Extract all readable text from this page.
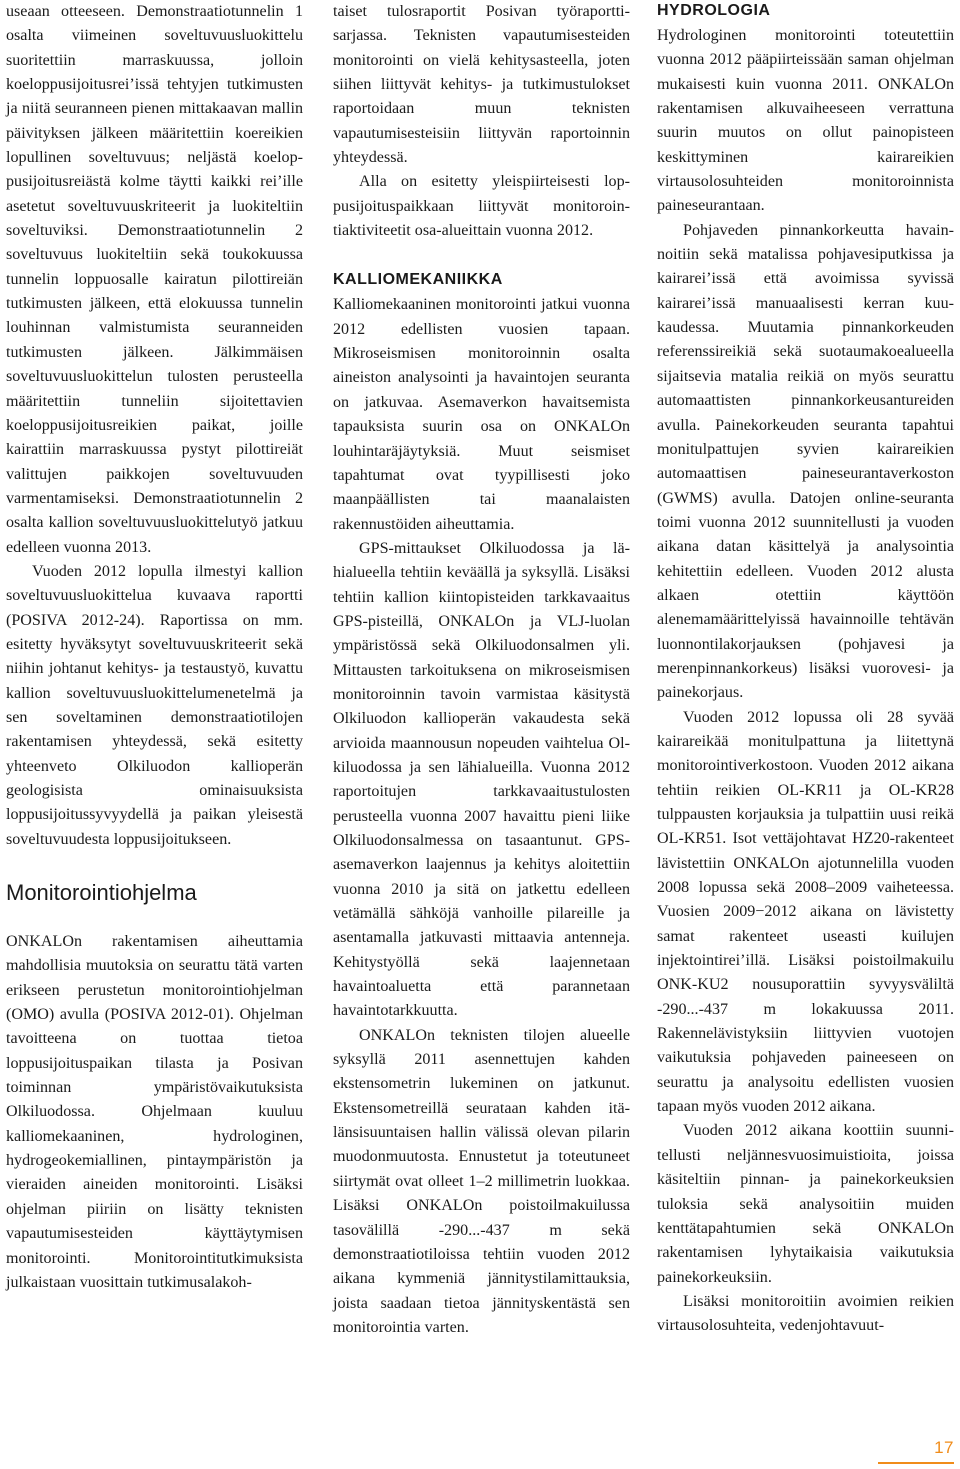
useaan otteeseen. Demonstraatiotunnelin 1 osalta viimeinen soveltuvuusluokittelu suoritettiin marraskuussa, jolloin koeloppusijoitusrei’issä tehtyjen tutkimusten ja niitä seuranneen pienen mittakaavan mallin päivityksen jälkeen määritettiin koereikien lopullinen soveltuvuus; neljästä koeloppusijoitusreiästä kolme täytti kaikki rei’ille asetetut soveltuvuuskriteerit ja luokiteltiin soveltuviksi. Demonstraatiotunnelin 2 soveltuvuus luokiteltiin sekä toukokuussa tunnelin loppuosalle kairatun pilottireiän tutkimusten jälkeen, että elokuussa tunnelin louhinnan valmistumista seuranneiden tutkimusten jälkeen. Jälkimmäisen soveltuvuusluokittelun tulosten perusteella määritettiin tunneliin sijoitettavien koeloppusijoitusreikien paikat, joille kairattiin marraskuussa pystyt pilottireiät valittujen paikkojen soveltuvuuden varmentamiseksi. Demonstraatiotunnelin 2 osalta kallion soveltuvuusluokittelutyö jatkuu edelleen vuonna 2013.

Vuoden 2012 lopulla ilmestyi kallion soveltuvuusluokittelua kuvaava raportti (POSIVA 2012-24). Raportissa on mm. esitetty hyväksytyt soveltuvuuskriteerit sekä niihin johtanut kehitys- ja testaustyö, kuvattu kallion soveltuvuusluokittelumenetelmä ja sen soveltaminen demonstraatiotilojen rakentamisen yhteydessä, sekä esitetty yhteenveto Olkiluodon kallioperän geologisista ominaisuuksista loppusijoitussyvyydellä ja paikan yleisestä soveltuvuudesta loppusijoitukseen.

Monitorointiohjelma

ONKALOn rakentamisen aiheuttamia mahdollisia muutoksia on seurattu tätä varten erikseen perustetun monitorointiohjelman (OMO) avulla (POSIVA 2012-01). Ohjelman tavoitteena on tuottaa tietoa loppusijoituspaikan tilasta ja Posivan toiminnan ympäristövaikutuksista Olkiluodossa. Ohjelmaan kuuluu kalliomekaaninen, hydrologinen, hydrogeokemiallinen, pintaympäristön ja vieraiden aineiden monitorointi. Lisäksi ohjelman piiriin on lisätty teknisten vapautumisesteiden käyttäytymisen monitorointi. Monitorointitutkimuksista julkaistaan vuosittain tutkimusalakoh-

taiset tulosraportit Posivan työraporttisarjassa. Teknisten vapautumisesteiden monitorointi on vielä kehitysasteella, joten siihen liittyvät kehitys- ja tutkimustulokset raportoidaan muun teknisten vapautumisesteisiin liittyvän raportoinnin yhteydessä.

Alla on esitetty yleispiirteisesti loppusijoituspaikkaan liittyvät monitorointiaktiviteetit osa-alueittain vuonna 2012.

KALLIOMEKANIIKKA

Kalliomekaaninen monitorointi jatkui vuonna 2012 edellisten vuosien tapaan. Mikroseismisen monitoroinnin osalta aineiston analysointi ja havaintojen seuranta on jatkuvaa. Asemaverkon havaitsemista tapauksista suurin osa on ONKALOn louhintaräjäytyksiä. Muut seismiset tapahtumat ovat tyypillisesti joko maanpäällisten tai maanalaisten rakennustöiden aiheuttamia.

GPS-mittaukset Olkiluodossa ja lähialueella tehtiin keväällä ja syksyllä. Lisäksi tehtiin kallion kiintopisteiden tarkkavaaitus GPS-pisteillä, ONKALOn ja VLJ-luolan ympäristössä sekä Olkiluodonsalmen yli. Mittausten tarkoituksena on mikroseismisen monitoroinnin tavoin varmistaa käsitystä Olkiluodon kallioperän vakaudesta sekä arvioida maannousun nopeuden vaihtelua Olkiluodossa ja sen lähialueilla. Vuonna 2012 raportoitujen tarkkavaaitustulosten perusteella vuonna 2007 havaittu pieni liike Olkiluodonsalmessa on tasaantunut. GPS-asemaverkon laajennus ja kehitys aloitettiin vuonna 2010 ja sitä on jatkettu edelleen vetämällä sähköjä vanhoille pilareille ja asentamalla jatkuvasti mittaavia antenneja. Kehitystyöllä sekä laajennetaan havaintoaluetta että parannetaan havaintotarkkuutta.

ONKALOn teknisten tilojen alueelle syksyllä 2011 asennettujen kahden ekstensometrin lukeminen on jatkunut. Ekstensometreillä seurataan kahden itä-länsisuuntaisen hallin välissä olevan pilarin muodonmuutosta. Ennustetut ja toteutuneet siirtymät ovat olleet 1–2 millimetrin luokkaa. Lisäksi ONKALOn poistoilmakuilussa tasovälillä -290...-437 m sekä demonstraatiotiloissa tehtiin vuoden 2012 aikana kymmeniä jännitystilamittauksia, joista saadaan tietoa jännityskentästä sen monitorointia varten.

HYDROLOGIA

Hydrologinen monitorointi toteutettiin vuonna 2012 pääpiirteissään saman ohjelman mukaisesti kuin vuonna 2011. ONKALOn rakentamisen alkuvaiheeseen verrattuna suurin muutos on ollut painopisteen keskittyminen kairareikien virtausolosuhteiden monitoroinnista paineseurantaan.

Pohjaveden pinnankorkeutta havainnoitiin sekä matalissa pohjavesiputkissa ja kairarei’issä että avoimissa syvissä kairarei’issä manuaalisesti kerran kuukaudessa. Muutamia pinnankorkeuden referenssireikiä sekä suotaumakoealueella sijaitsevia matalia reikiä on myös seurattu automaattisten pinnankorkeusantureiden avulla. Painekorkeuden seuranta tapahtui monitulpattujen syvien kairareikien automaattisen paineseurantaverkoston (GWMS) avulla. Datojen online-seuranta toimi vuonna 2012 suunnitellusti ja vuoden aikana datan käsittelyä ja analysointia kehitettiin edelleen. Vuoden 2012 alusta alkaen otettiin käyttöön alenemamäärittelyissä havainnoille tehtävän luonnontilakorjauksen (pohjavesi ja merenpinnankorkeus) lisäksi vuorovesi- ja painekorjaus.

Vuoden 2012 lopussa oli 28 syvää kairareikää monitulpattuna ja liitettynä monitorointiverkostoon. Vuoden 2012 aikana tehtiin reikien OL-KR11 ja OL-KR28 tulppausten korjauksia ja tulpattiin uusi reikä OL-KR51. Isot vettäjohtavat HZ20-rakenteet lävistettiin ONKALOn ajotunnelilla vuoden 2008 lopussa sekä 2008–2009 vaiheteessa. Vuosien 2009−2012 aikana on lävistetty samat rakenteet useasti kuilujen injektointirei’illä. Lisäksi poistoilmakuilu ONK-KU2 nousuporattiin syvyysväliltä -290...-437 m lokakuussa 2011. Rakennelävistyksiin liittyvien vuotojen vaikutuksia pohjaveden paineeseen on seurattu ja analysoitu edellisten vuosien tapaan myös vuoden 2012 aikana.

Vuoden 2012 aikana koottiin suunnitellusti neljännesvuosimuistioita, joissa käsiteltiin pinnan- ja painekorkeuksien tuloksia sekä analysoitiin muiden kenttätapahtumien sekä ONKALOn rakentamisen lyhytaikaisia vaikutuksia painekorkeuksiin.

Lisäksi monitoroitiin avoimien reikien virtausolosuhteita, vedenjohtavuut-

17
